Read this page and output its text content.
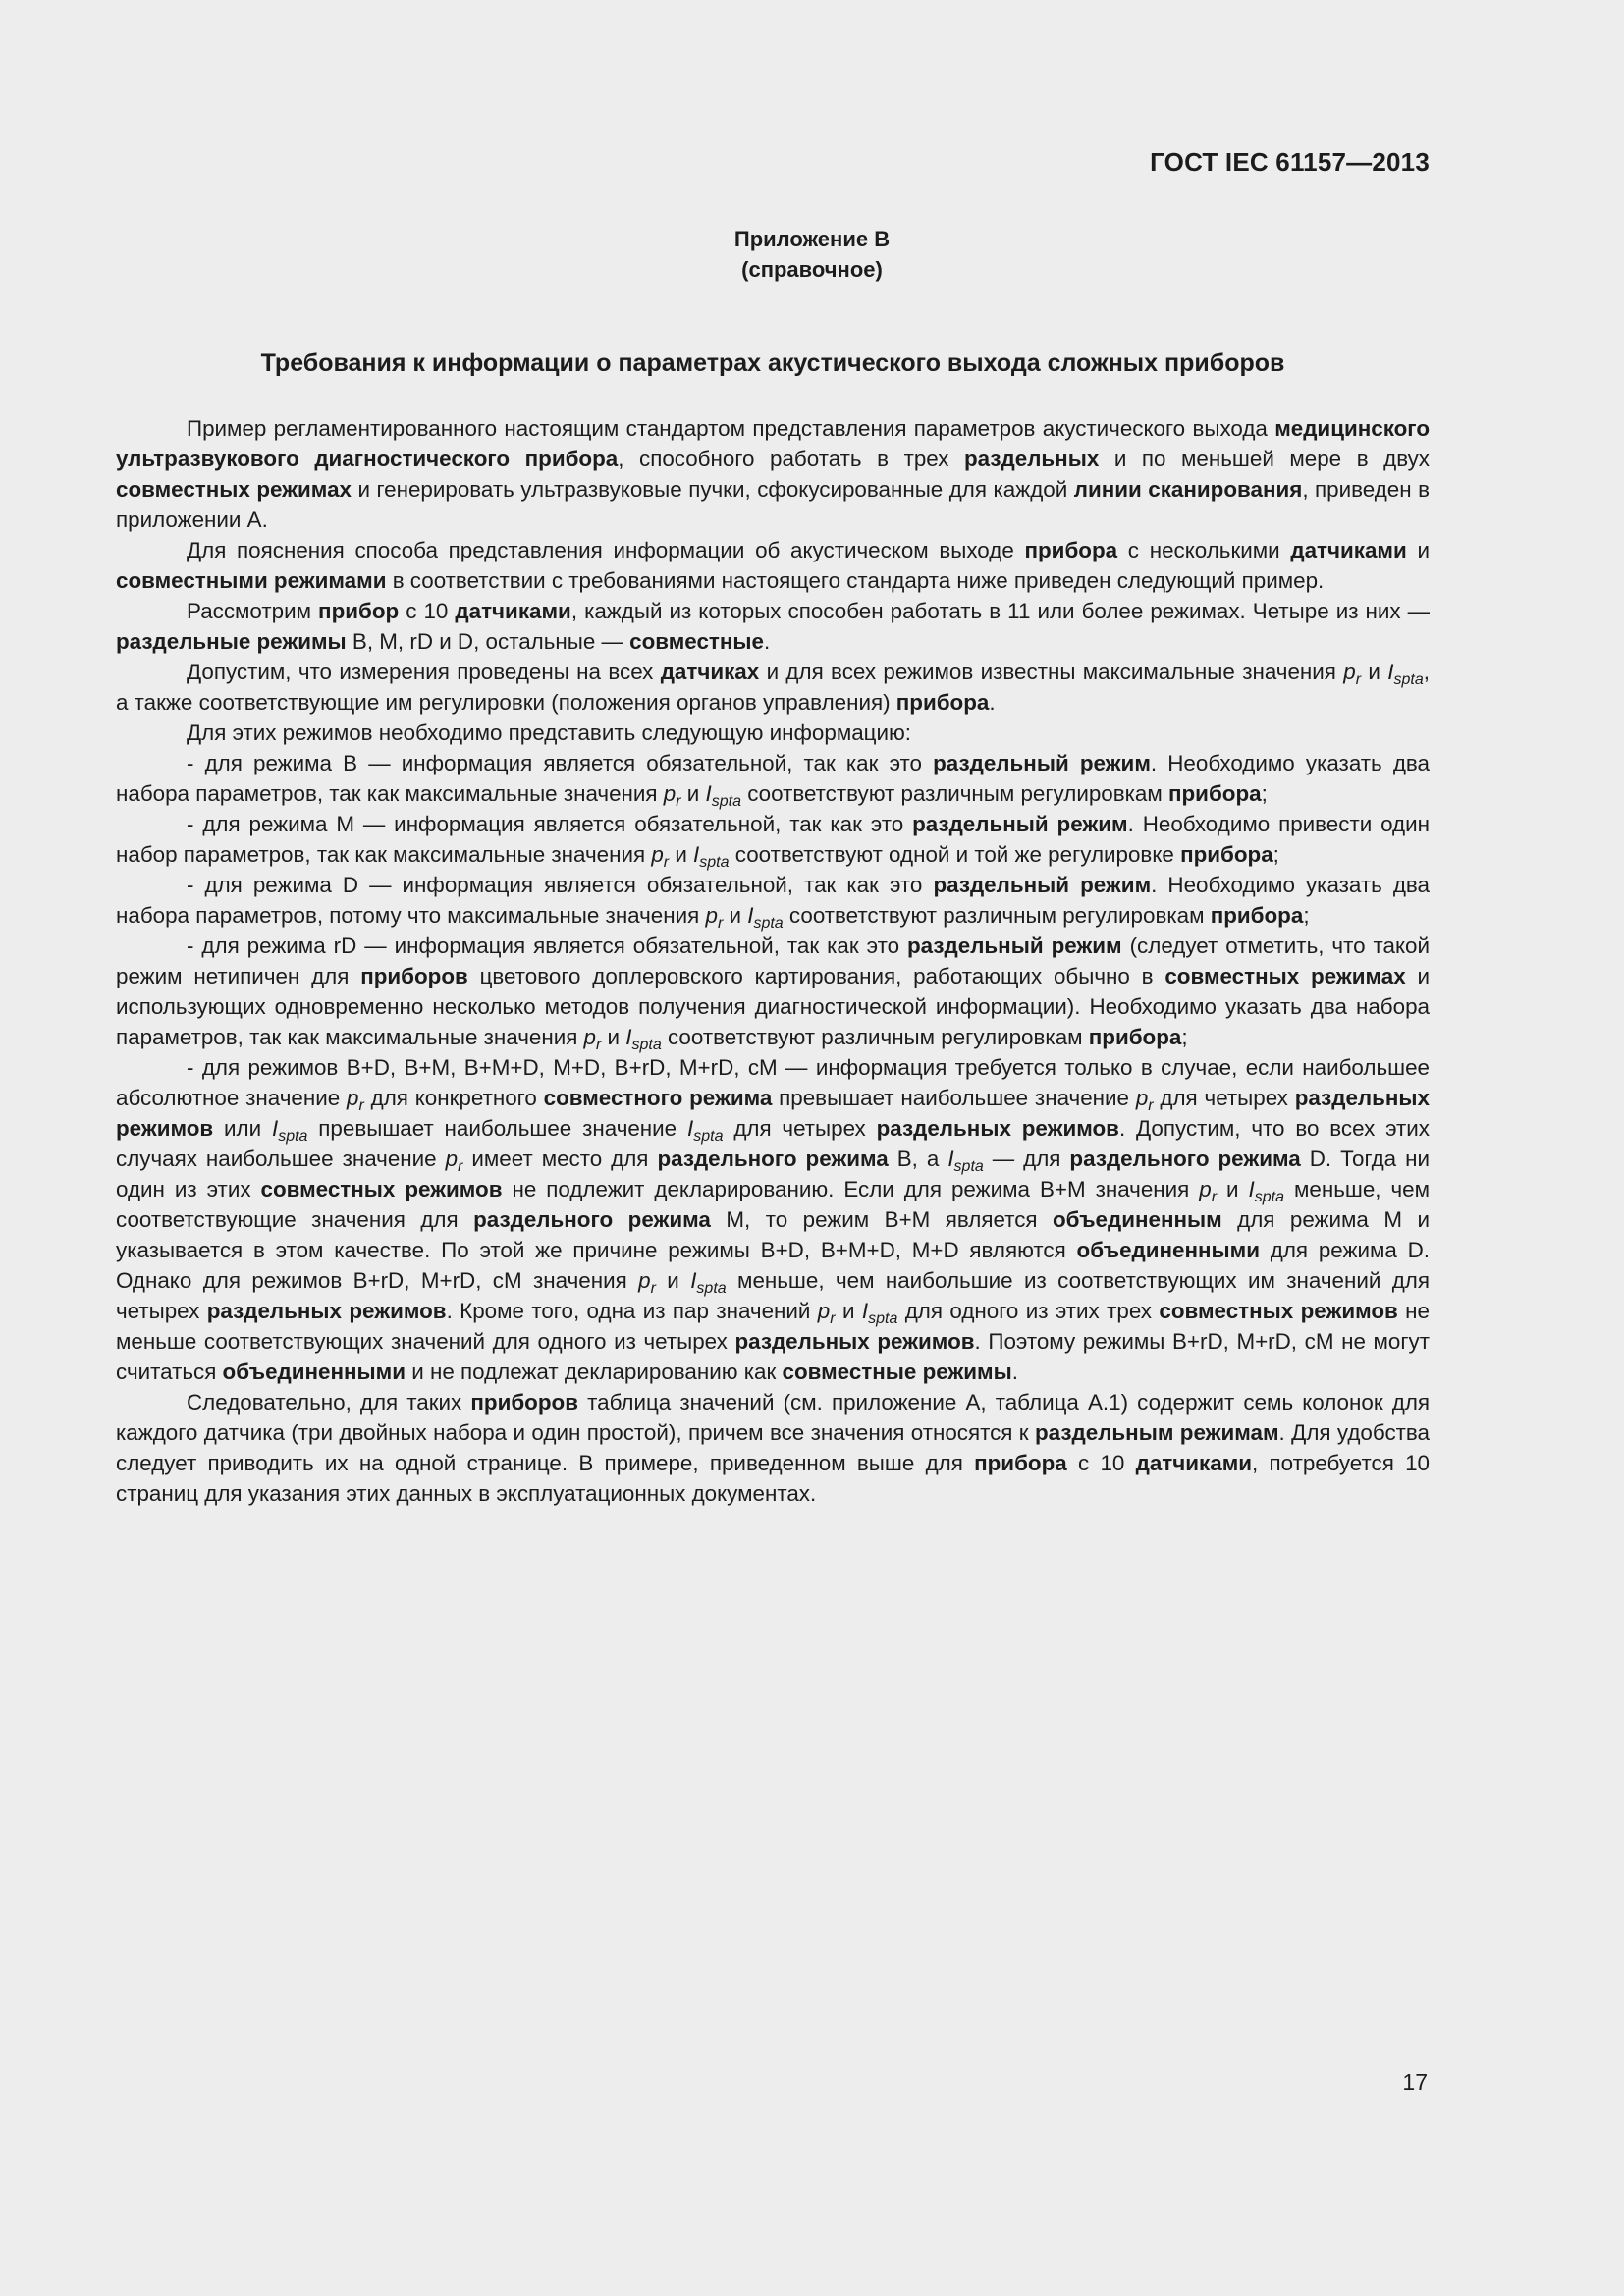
ГОСТ IEC 61157—2013
Приложение В
(справочное)
Требования к информации о параметрах акустического выхода сложных приборов

Пример регламентированного настоящим стандартом представления параметров акустического выхода медицинского ультразвукового диагностического прибора, способного работать в трех раздельных и по меньшей мере в двух совместных режимах и генерировать ультразвуковые пучки, сфокусированные для каждой линии сканирования, приведен в приложении А.

Для пояснения способа представления информации об акустическом выходе прибора с несколькими датчиками и совместными режимами в соответствии с требованиями настоящего стандарта ниже приведен следующий пример.

Рассмотрим прибор с 10 датчиками, каждый из которых способен работать в 11 или более режимах. Четыре из них — раздельные режимы В, М, rD и D, остальные — совместные.

Допустим, что измерения проведены на всех датчиках и для всех режимов известны максимальные значения $p_r$ и $I_{spta}$, а также соответствующие им регулировки (положения органов управления) прибора.

Для этих режимов необходимо представить следующую информацию:

- для режима В — информация является обязательной, так как это раздельный режим. Необходимо указать два набора параметров, так как максимальные значения $p_r$ и $I_{spta}$ соответствуют различным регулировкам прибора;

- для режима М — информация является обязательной, так как это раздельный режим. Необходимо привести один набор параметров, так как максимальные значения $p_r$ и $I_{spta}$ соответствуют одной и той же регулировке прибора;

- для режима D — информация является обязательной, так как это раздельный режим. Необходимо указать два набора параметров, потому что максимальные значения $p_r$ и $I_{spta}$ соответствуют различным регулировкам прибора;

- для режима rD — информация является обязательной, так как это раздельный режим (следует отметить, что такой режим нетипичен для приборов цветового доплеровского картирования, работающих обычно в совместных режимах и использующих одновременно несколько методов получения диагностической информации). Необходимо указать два набора параметров, так как максимальные значения $p_r$ и $I_{spta}$ соответствуют различным регулировкам прибора;

- для режимов В+D, В+М, В+М+D, M+D, B+rD, M+rD, cM — информация требуется только в случае, если наибольшее абсолютное значение $p_r$ для конкретного совместного режима превышает наибольшее значение $p_r$ для четырех раздельных режимов или $I_{spta}$ превышает наибольшее значение $I_{spta}$ для четырех раздельных режимов. Допустим, что во всех этих случаях наибольшее значение $p_r$ имеет место для раздельного режима В, а $I_{spta}$ — для раздельного режима D. Тогда ни один из этих совместных режимов не подлежит декларированию. Если для режима В+М значения $p_r$ и $I_{spta}$ меньше, чем соответствующие значения для раздельного режима М, то режим В+М является объединенным для режима М и указывается в этом качестве. По этой же причине режимы В+D, В+М+D, M+D являются объединенными для режима D. Однако для режимов B+rD, M+rD, cM значения $p_r$ и $I_{spta}$ меньше, чем наибольшие из соответствующих им значений для четырех раздельных режимов. Кроме того, одна из пар значений $p_r$ и $I_{spta}$ для одного из этих трех совместных режимов не меньше соответствующих значений для одного из четырех раздельных режимов. Поэтому режимы B+rD, M+rD, cM не могут считаться объединенными и не подлежат декларированию как совместные режимы.

Следовательно, для таких приборов таблица значений (см. приложение А, таблица А.1) содержит семь колонок для каждого датчика (три двойных набора и один простой), причем все значения относятся к раздельным режимам. Для удобства следует приводить их на одной странице. В примере, приведенном выше для прибора с 10 датчиками, потребуется 10 страниц для указания этих данных в эксплуатационных документах.

17
